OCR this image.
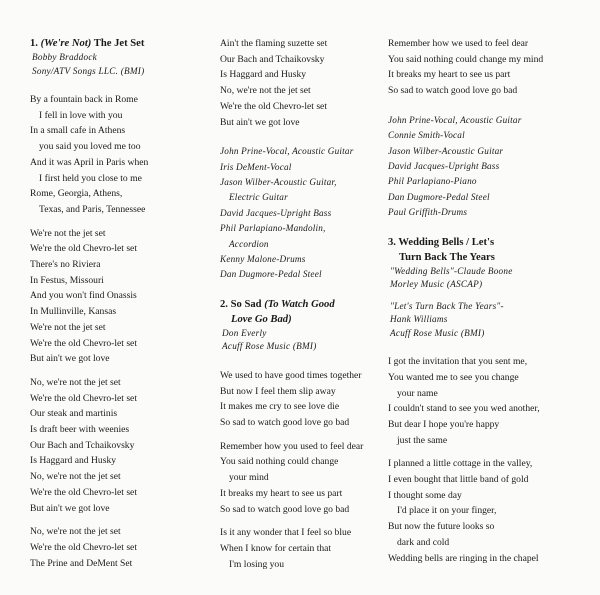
1. (We're Not) The Jet Set
Bobby Braddock
Sony/ATV Songs LLC. (BMI)
By a fountain back in Rome
I fell in love with you
In a small cafe in Athens
you said you loved me too
And it was April in Paris when
I first held you close to me
Rome, Georgia, Athens,
Texas, and Paris, Tennessee
We're not the jet set
We're the old Chevro-let set
There's no Riviera
In Festus, Missouri
And you won't find Onassis
In Mullinville, Kansas
We're not the jet set
We're the old Chevro-let set
But ain't we got love
No, we're not the jet set
We're the old Chevro-let set
Our steak and martinis
Is draft beer with weenies
Our Bach and Tchaikovsky
Is Haggard and Husky
No, we're not the jet set
We're the old Chevro-let set
But ain't we got love
No, we're not the jet set
We're the old Chevro-let set
The Prine and DeMent Set
Ain't the flaming suzette set
Our Bach and Tchaikovsky
Is Haggard and Husky
No, we're not the jet set
We're the old Chevro-let set
But ain't we got love
John Prine-Vocal, Acoustic Guitar
Iris DeMent-Vocal
Jason Wilber-Acoustic Guitar,
Electric Guitar
David Jacques-Upright Bass
Phil Parlapiano-Mandolin,
Accordion
Kenny Malone-Drums
Dan Dugmore-Pedal Steel
2. So Sad (To Watch Good
Love Go Bad)
Don Everly
Acuff Rose Music (BMI)
We used to have good times together
But now I feel them slip away
It makes me cry to see love die
So sad to watch good love go bad
Remember how you used to feel dear
You said nothing could change
your mind
It breaks my heart to see us part
So sad to watch good love go bad
Is it any wonder that I feel so blue
When I know for certain that
I'm losing you
Remember how we used to feel dear
You said nothing could change my mind
It breaks my heart to see us part
So sad to watch good love go bad
John Prine-Vocal, Acoustic Guitar
Connie Smith-Vocal
Jason Wilber-Acoustic Guitar
David Jacques-Upright Bass
Phil Parlapiano-Piano
Dan Dugmore-Pedal Steel
Paul Griffith-Drums
3. Wedding Bells / Let's
Turn Back The Years
"Wedding Bells"-Claude Boone
Morley Music (ASCAP)
"Let's Turn Back The Years"-
Hank Williams
Acuff Rose Music (BMI)
I got the invitation that you sent me,
You wanted me to see you change
your name
I couldn't stand to see you wed another,
But dear I hope you're happy
just the same
I planned a little cottage in the valley,
I even bought that little band of gold
I thought some day
I'd place it on your finger,
But now the future looks so
dark and cold
Wedding bells are ringing in the chapel
